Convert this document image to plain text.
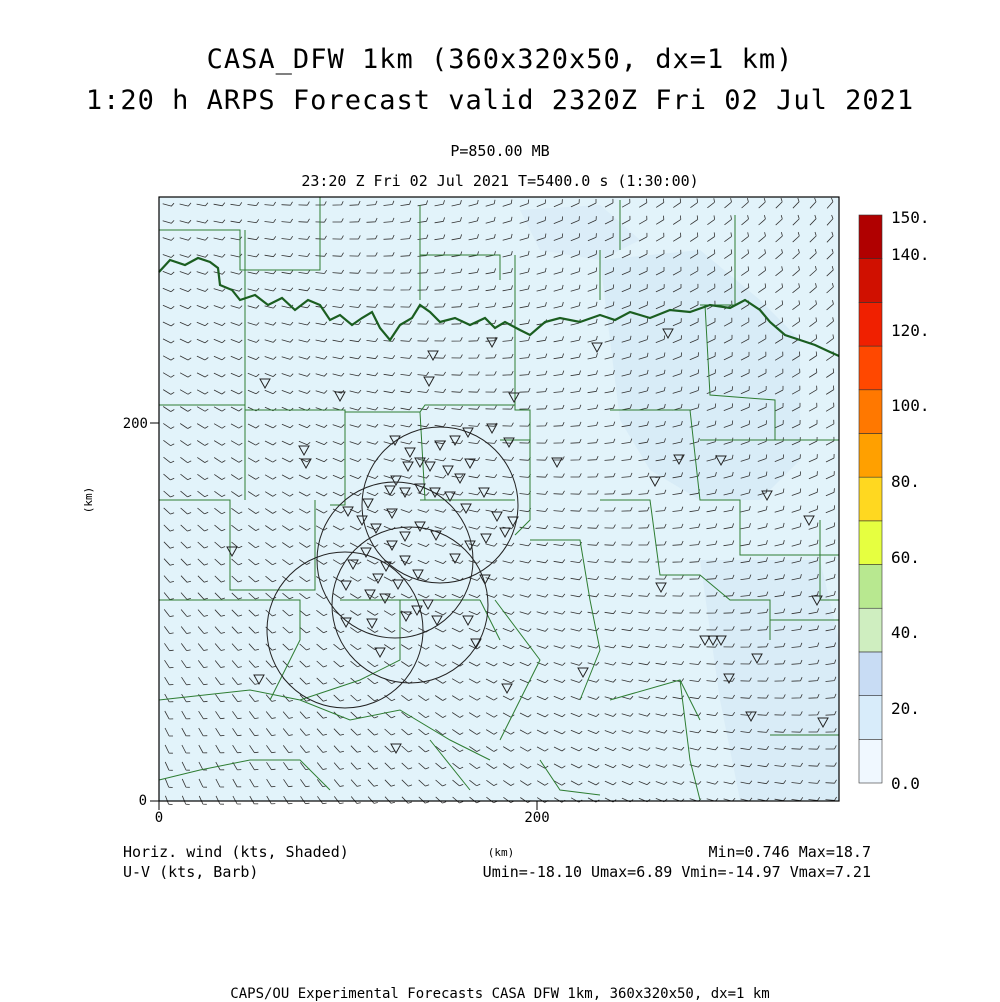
CASA_DFW 1km (360x320x50, dx=1 km)
1:20 h ARPS Forecast valid 2320Z Fri 02 Jul 2021
P=850.00 MB
23:20 Z Fri 02 Jul 2021 T=5400.0 s (1:30:00)
0	200
0
200
(km)
(km)
150.
140.
120.
100.
80.
60.
40.
20.
0.0
Horiz. wind (kts, Shaded)
U-V (kts, Barb)
Min=0.746 Max=18.7
Umin=-18.10 Umax=6.89 Vmin=-14.97 Vmax=7.21
CAPS/OU Experimental Forecasts CASA DFW 1km, 360x320x50, dx=1 km
